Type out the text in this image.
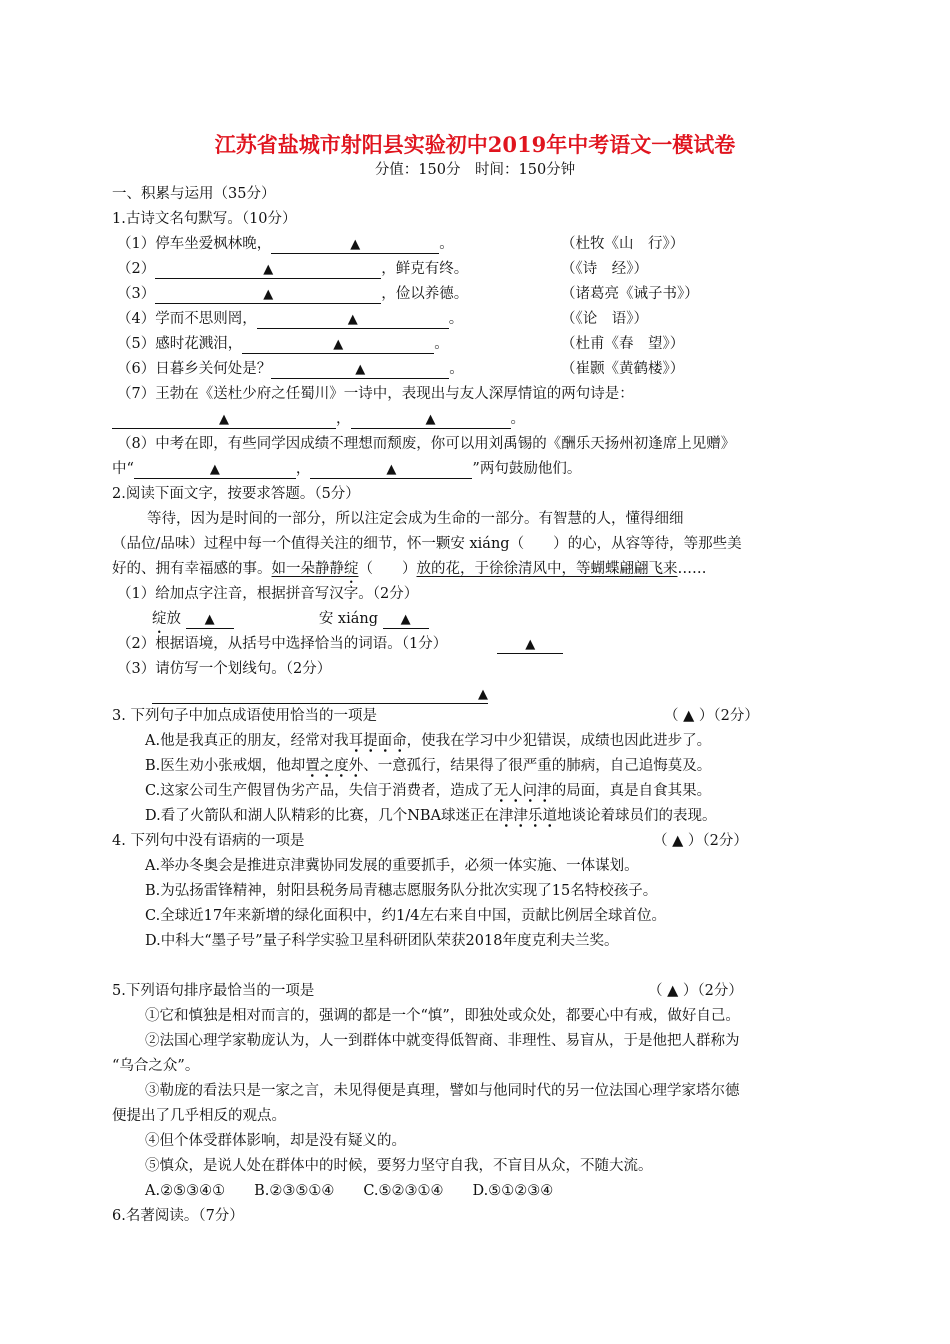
江苏省盐城市射阳县实验初中2019年中考语文一模试卷
分值：150分　时间：150分钟
一、积累与运用（35分）
1.古诗文名句默写。（10分）
（1）停车坐爱枫林晚，	▲	。	（杜牧《山　行》）
（2）	▲	，鲜克有终。	（《诗　经》）
（3）	▲	，俭以养德。	（诸葛亮《诫子书》）
（4）学而不思则罔，	▲	。	（《论　语》）
（5）感时花溅泪，	▲	。	（杜甫《春　望》）
（6）日暮乡关何处是？	▲	。	（崔颢《黄鹤楼》）
（7）王勃在《送杜少府之任蜀川》一诗中，表现出与友人深厚情谊的两句诗是：
▲	，	▲	。
（8）中考在即，有些同学因成绩不理想而颓废，你可以用刘禹锡的《酬乐天扬州初逢席上见赠》
中“	▲	，	▲	”两句鼓励他们。
2.阅读下面文字，按要求答题。（5分）
等待，因为是时间的一部分，所以注定会成为生命的一部分。有智慧的人，懂得细细
（品位/品味）过程中每一个值得关注的细节，怀一颗安 xiáng（　　）的心，从容等待，等那些美
好的、拥有幸福感的事。如一朵静静绽（　　）放的花，于徐徐清风中，等蝴蝶翩翩飞来……
（1）给加点字注音，根据拼音写汉字。（2分）
绽放 ▲	安 xiáng ▲
（2）根据语境，从括号中选择恰当的词语。（1分）	▲
（3）请仿写一个划线句。（2分）
▲
3. 下列句子中加点成语使用恰当的一项是	（ ▲ ）（2分）
A.他是我真正的朋友，经常对我耳提面命，使我在学习中少犯错误，成绩也因此进步了。
B.医生劝小张戒烟，他却置之度外、一意孤行，结果得了很严重的肺病，自己追悔莫及。
C.这家公司生产假冒伪劣产品，失信于消费者，造成了无人问津的局面，真是自食其果。
D.看了火箭队和湖人队精彩的比赛，几个NBA球迷正在津津乐道地谈论着球员们的表现。
4. 下列句中没有语病的一项是	（ ▲ ）（2分）
A.举办冬奥会是推进京津冀协同发展的重要抓手，必须一体实施、一体谋划。
B.为弘扬雷锋精神，射阳县税务局青穗志愿服务队分批次实现了15名特校孩子。
C.全球近17年来新增的绿化面积中，约1/4左右来自中国，贡献比例居全球首位。
D.中科大“墨子号”量子科学实验卫星科研团队荣获2018年度克利夫兰奖。
5.下列语句排序最恰当的一项是	（ ▲ ）（2分）
①它和慎独是相对而言的，强调的都是一个“慎”，即独处或众处，都要心中有戒，做好自己。
②法国心理学家勒庞认为，人一到群体中就变得低智商、非理性、易盲从，于是他把人群称为
“乌合之众”。
③勒庞的看法只是一家之言，未见得便是真理，譬如与他同时代的另一位法国心理学家塔尔德
便提出了几乎相反的观点。
④但个体受群体影响，却是没有疑义的。
⑤慎众，是说人处在群体中的时候，要努力坚守自我，不盲目从众，不随大流。
A.②⑤③④①　　B.②③⑤①④　　C.⑤②③①④　　D.⑤①②③④
6.名著阅读。（7分）
